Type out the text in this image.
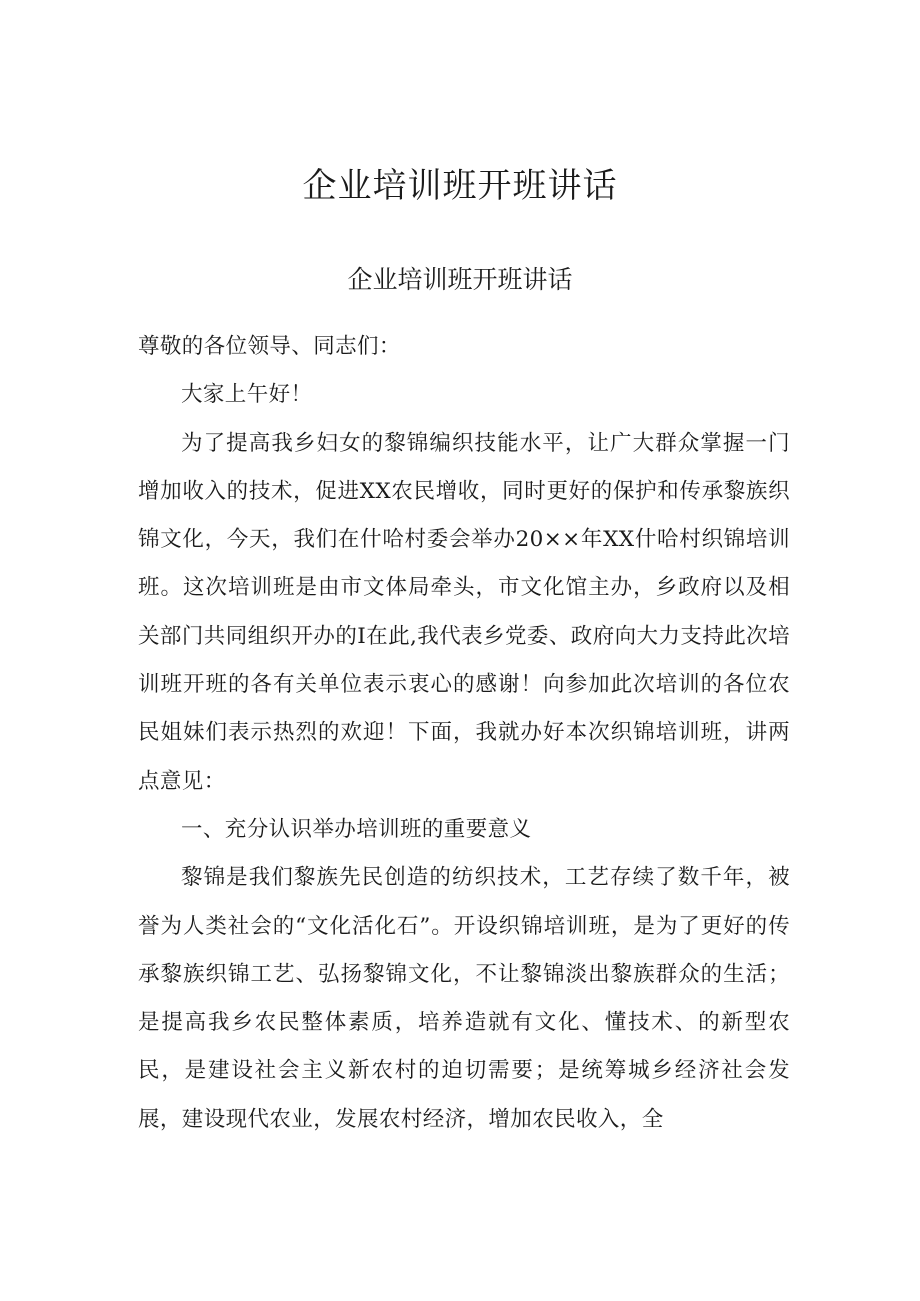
企业培训班开班讲话
企业培训班开班讲话

尊敬的各位领导、同志们：

大家上午好！

为了提高我乡妇女的黎锦编织技能水平，让广大群众掌握一门增加收入的技术，促进XX农民增收，同时更好的保护和传承黎族织锦文化，今天，我们在什哈村委会举办20××年XX什哈村织锦培训班。这次培训班是由市文体局牵头，市文化馆主办，乡政府以及相关部门共同组织开办的I在此,我代表乡党委、政府向大力支持此次培训班开班的各有关单位表示衷心的感谢！向参加此次培训的各位农民姐妹们表示热烈的欢迎！下面，我就办好本次织锦培训班，讲两点意见：

一、充分认识举办培训班的重要意义

黎锦是我们黎族先民创造的纺织技术，工艺存续了数千年，被誉为人类社会的“文化活化石”。开设织锦培训班，是为了更好的传承黎族织锦工艺、弘扬黎锦文化，不让黎锦淡出黎族群众的生活；是提高我乡农民整体素质，培养造就有文化、懂技术、的新型农民，是建设社会主义新农村的迫切需要；是统筹城乡经济社会发展，建设现代农业，发展农村经济，增加农民收入，全
